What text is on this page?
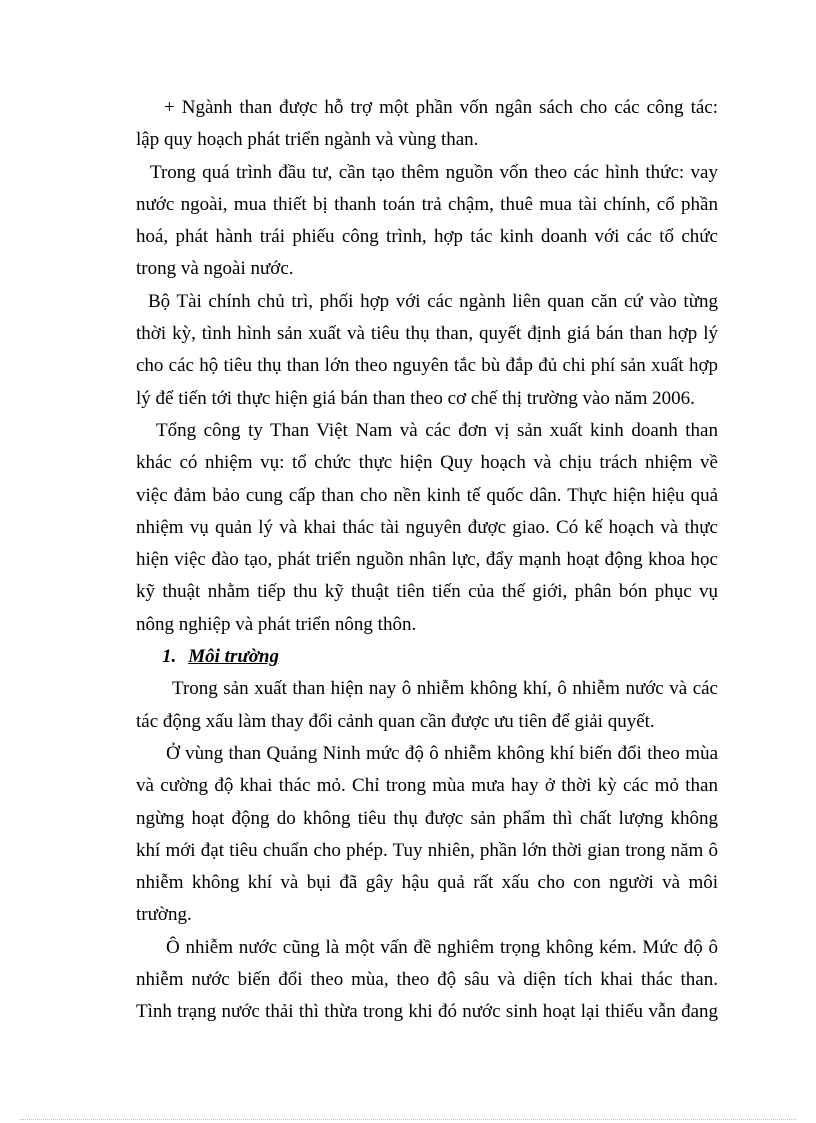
+ Ngành than được hỗ trợ một phần vốn ngân sách cho các công tác:
lập quy hoạch phát triển ngành và vùng than.
Trong quá trình đầu tư, cần tạo thêm nguồn vốn theo các hình thức: vay
nước ngoài, mua thiết bị thanh toán trả chậm, thuê mua tài chính, cổ phần
hoá, phát hành trái phiếu công trình, hợp tác kinh doanh với các tổ chức
trong và ngoài nước.
Bộ Tài chính chủ trì, phối hợp với các ngành liên quan căn cứ vào từng
thời kỳ, tình hình sản xuất và tiêu thụ than, quyết định giá bán than hợp lý
cho các hộ tiêu thụ than lớn theo nguyên tắc bù đắp đủ chi phí sản xuất hợp
lý để tiến tới thực hiện giá bán than theo cơ chế thị trường vào năm 2006.
Tổng công ty Than Việt Nam và các đơn vị sản xuất kinh doanh than
khác có nhiệm vụ: tổ chức thực hiện Quy hoạch và chịu trách nhiệm về
việc đảm bảo cung cấp than cho nền kinh tế quốc dân. Thực hiện hiệu quả
nhiệm vụ quản lý và khai thác tài nguyên được giao. Có kế hoạch và thực
hiện việc đào tạo, phát triển nguồn nhân lực, đẩy mạnh hoạt động khoa học
kỹ thuật nhằm tiếp thu kỹ thuật tiên tiến của thế giới, phân bón phục vụ
nông nghiệp và phát triển nông thôn.
1. Môi trường
Trong sản xuất than hiện nay ô nhiễm không khí, ô nhiễm nước và các
tác động xấu làm thay đổi cảnh quan cần được ưu tiên để giải quyết.
Ở vùng than Quảng Ninh mức độ ô nhiễm không khí biến đổi theo mùa
và cường độ khai thác mỏ. Chỉ trong mùa mưa hay ở thời kỳ các mỏ than
ngừng hoạt động do không tiêu thụ được sản phẩm thì chất lượng không
khí mới đạt tiêu chuẩn cho phép. Tuy nhiên, phần lớn thời gian trong năm ô
nhiễm không khí và bụi đã gây hậu quả rất xấu cho con người và môi
trường.
Ô nhiễm nước cũng là một vấn đề nghiêm trọng không kém. Mức độ ô
nhiễm nước biến đổi theo mùa, theo độ sâu và diện tích khai thác than.
Tình trạng nước thải thì thừa trong khi đó nước sinh hoạt lại thiếu vẫn đang
